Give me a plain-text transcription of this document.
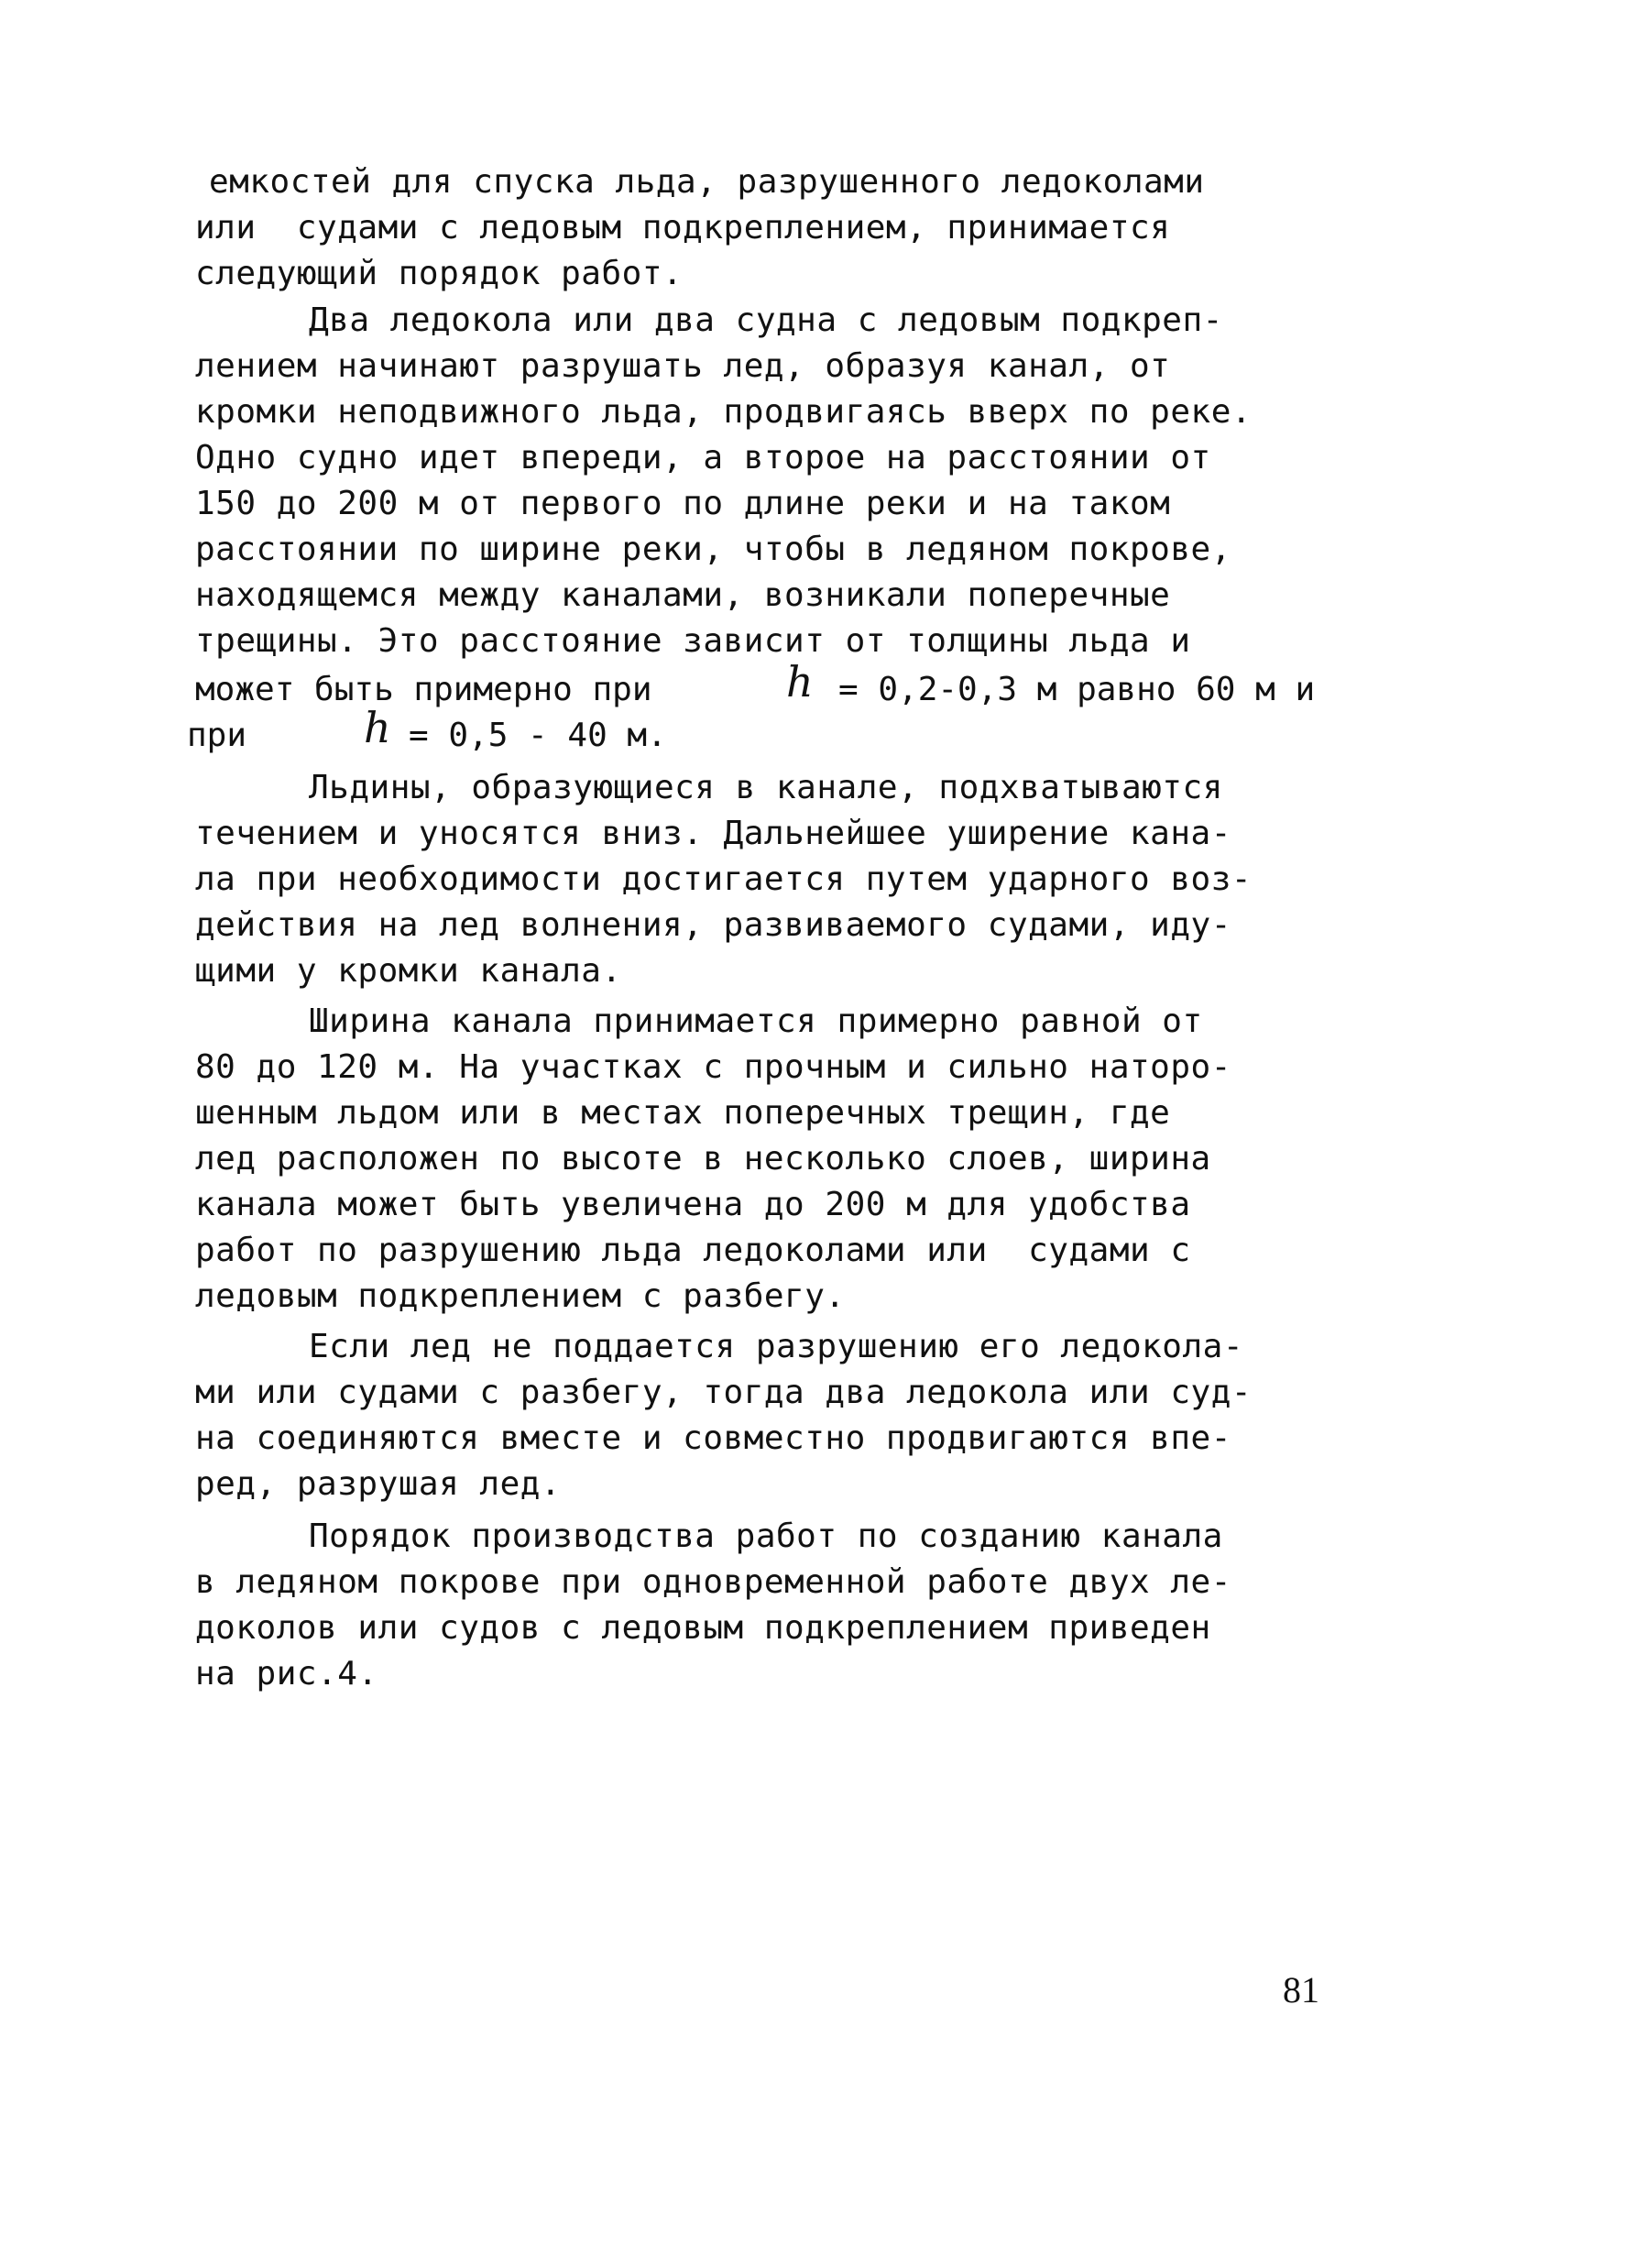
емкостей для спуска льда, разрушенного ледоколами
или  судами с ледовым подкреплением, принимается
следующий порядок работ.
Два ледокола или два судна с ледовым подкреп-
лением начинают разрушать лед, образуя канал, от
кромки неподвижного льда, продвигаясь вверх по реке.
Одно судно идет впереди, а второе на расстоянии от
150 до 200 м от первого по длине реки и на таком
расстоянии по ширине реки, чтобы в ледяном покрове,
находящемся между каналами, возникали поперечные
трещины. Это расстояние зависит от толщины льда и
может быть примерно при	h = 0,2-0,3 м равно 60 м и
при	h = 0,5 - 40 м.
Льдины, образующиеся в канале, подхватываются
течением и уносятся вниз. Дальнейшее уширение кана-
ла при необходимости достигается путем ударного воз-
действия на лед волнения, развиваемого судами, иду-
щими у кромки канала.
Ширина канала принимается примерно равной от
80 до 120 м. На участках с прочным и сильно натoро-
шенным льдом или в местах поперечных трещин, где
лед расположен по высоте в несколько слоев, ширина
канала может быть увеличена до 200 м для удобства
работ по разрушению льда ледоколами или  судами с
ледовым подкреплением с разбегу.
Если лед не поддается разрушению его ледокола-
ми или судами с разбегу, тогда два ледокола или суд-
на соединяются вместе и совместно продвигаются впе-
ред, разрушая лед.
Порядок производства работ по созданию канала
в ледяном покрове при одновременной работе двух ле-
доколов или судов с ледовым подкреплением приведен
на рис.4.
81
